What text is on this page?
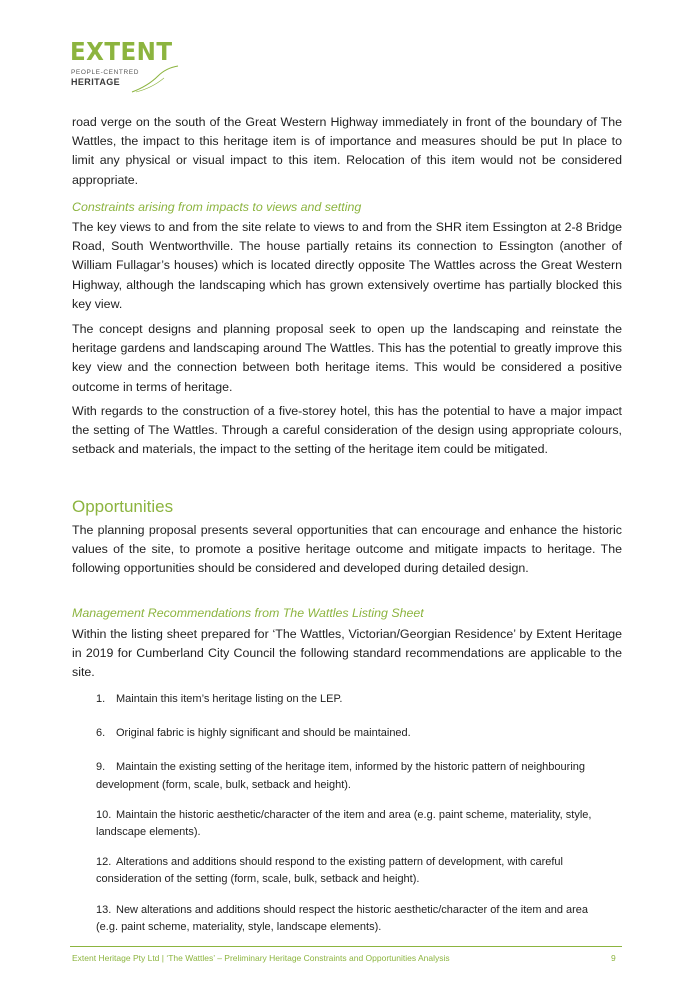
EXTENT
PEOPLE-CENTRED
HERITAGE

road verge on the south of the Great Western Highway immediately in front of the boundary of The Wattles, the impact to this heritage item is of importance and measures should be put In place to limit any physical or visual impact to this item. Relocation of this item would not be considered appropriate.

Constraints arising from impacts to views and setting

The key views to and from the site relate to views to and from the SHR item Essington at 2-8 Bridge Road, South Wentworthville. The house partially retains its connection to Essington (another of William Fullagar’s houses) which is located directly opposite The Wattles across the Great Western Highway, although the landscaping which has grown extensively overtime has partially blocked this key view.

The concept designs and planning proposal seek to open up the landscaping and reinstate the heritage gardens and landscaping around The Wattles. This has the potential to greatly improve this key view and the connection between both heritage items. This would be considered a positive outcome in terms of heritage.

With regards to the construction of a five-storey hotel, this has the potential to have a major impact the setting of The Wattles. Through a careful consideration of the design using appropriate colours, setback and materials, the impact to the setting of the heritage item could be mitigated.

Opportunities

The planning proposal presents several opportunities that can encourage and enhance the historic values of the site, to promote a positive heritage outcome and mitigate impacts to heritage. The following opportunities should be considered and developed during detailed design.

Management Recommendations from The Wattles Listing Sheet

Within the listing sheet prepared for ‘The Wattles, Victorian/Georgian Residence’ by Extent Heritage in 2019 for Cumberland City Council the following standard recommendations are applicable to the site.

1. Maintain this item’s heritage listing on the LEP.

6. Original fabric is highly significant and should be maintained.

9. Maintain the existing setting of the heritage item, informed by the historic pattern of neighbouring development (form, scale, bulk, setback and height).

10. Maintain the historic aesthetic/character of the item and area (e.g. paint scheme, materiality, style, landscape elements).

12. Alterations and additions should respond to the existing pattern of development, with careful consideration of the setting (form, scale, bulk, setback and height).

13. New alterations and additions should respect the historic aesthetic/character of the item and area (e.g. paint scheme, materiality, style, landscape elements).

Extent Heritage Pty Ltd | ‘The Wattles’ – Preliminary Heritage Constraints and Opportunities Analysis	9
